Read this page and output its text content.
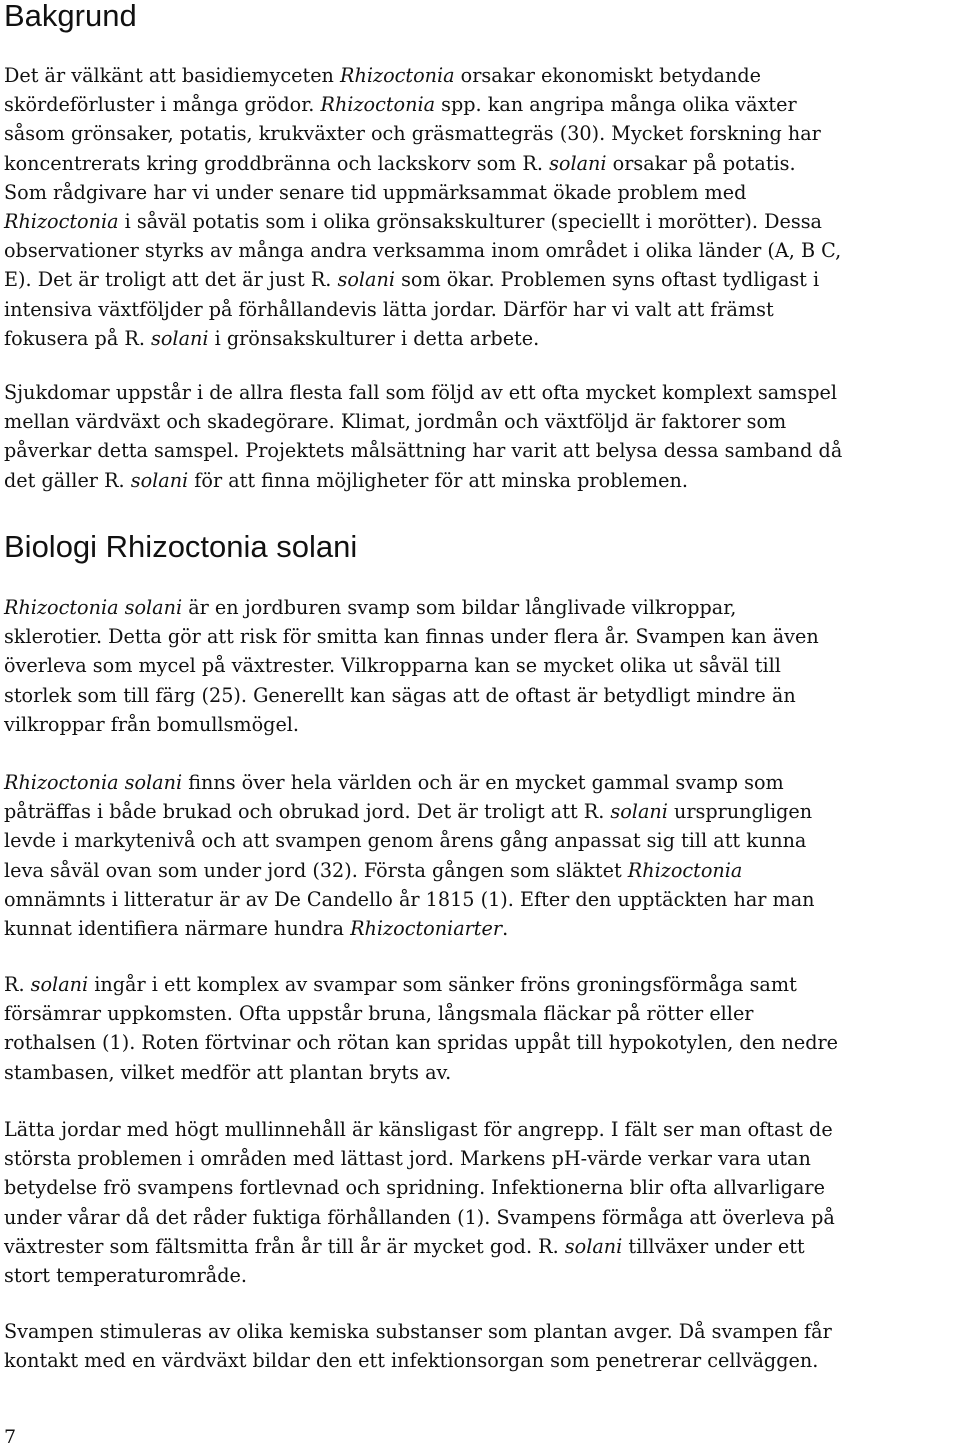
Bakgrund
Det är välkänt att basidiemyceten Rhizoctonia orsakar ekonomiskt betydande
skördeförluster i många grödor. Rhizoctonia spp. kan angripa många olika växter
såsom grönsaker, potatis, krukväxter och gräsmattegräs (30). Mycket forskning har
koncentrerats kring groddbränna och lackskorv som R. solani orsakar på potatis.
Som rådgivare har vi under senare tid uppmärksammat ökade problem med
Rhizoctonia i såväl potatis som i olika grönsakskulturer (speciellt i morötter). Dessa
observationer styrks av många andra verksamma inom området i olika länder (A, B C,
E). Det är troligt att det är just R. solani som ökar. Problemen syns oftast tydligast i
intensiva växtföljder på förhållandevis lätta jordar. Därför har vi valt att främst
fokusera på R. solani i grönsakskulturer i detta arbete.
Sjukdomar uppstår i de allra flesta fall som följd av ett ofta mycket komplext samspel
mellan värdväxt och skadegörare. Klimat, jordmån och växtföljd är faktorer som
påverkar detta samspel. Projektets målsättning har varit att belysa dessa samband då
det gäller R. solani för att finna möjligheter för att minska problemen.
Biologi Rhizoctonia solani
Rhizoctonia solani är en jordburen svamp som bildar långlivade vilkroppar,
sklerotier. Detta gör att risk för smitta kan finnas under flera år. Svampen kan även
överleva som mycel på växtrester. Vilkropparna kan se mycket olika ut såväl till
storlek som till färg (25). Generellt kan sägas att de oftast är betydligt mindre än
vilkroppar från bomullsmögel.
Rhizoctonia solani finns över hela världen och är en mycket gammal svamp som
påträffas i både brukad och obrukad jord. Det är troligt att R. solani ursprungligen
levde i markytenivå och att svampen genom årens gång anpassat sig till att kunna
leva såväl ovan som under jord (32). Första gången som släktet Rhizoctonia
omnämnts i litteratur är av De Candello år 1815 (1). Efter den upptäckten har man
kunnat identifiera närmare hundra Rhizoctoniarter.
R. solani ingår i ett komplex av svampar som sänker fröns groningsförmåga samt
försämrar uppkomsten. Ofta uppstår bruna, långsmala fläckar på rötter eller
rothalsen (1). Roten förtvinar och rötan kan spridas uppåt till hypokotylen, den nedre
stambasen, vilket medför att plantan bryts av.
Lätta jordar med högt mullinnehåll är känsligast för angrepp. I fält ser man oftast de
största problemen i områden med lättast jord. Markens pH-värde verkar vara utan
betydelse frö svampens fortlevnad och spridning. Infektionerna blir ofta allvarligare
under vårar då det råder fuktiga förhållanden (1). Svampens förmåga att överleva på
växtrester som fältsmitta från år till år är mycket god. R. solani tillväxer under ett
stort temperaturområde.
Svampen stimuleras av olika kemiska substanser som plantan avger. Då svampen får
kontakt med en värdväxt bildar den ett infektionsorgan som penetrerar cellväggen.
7
